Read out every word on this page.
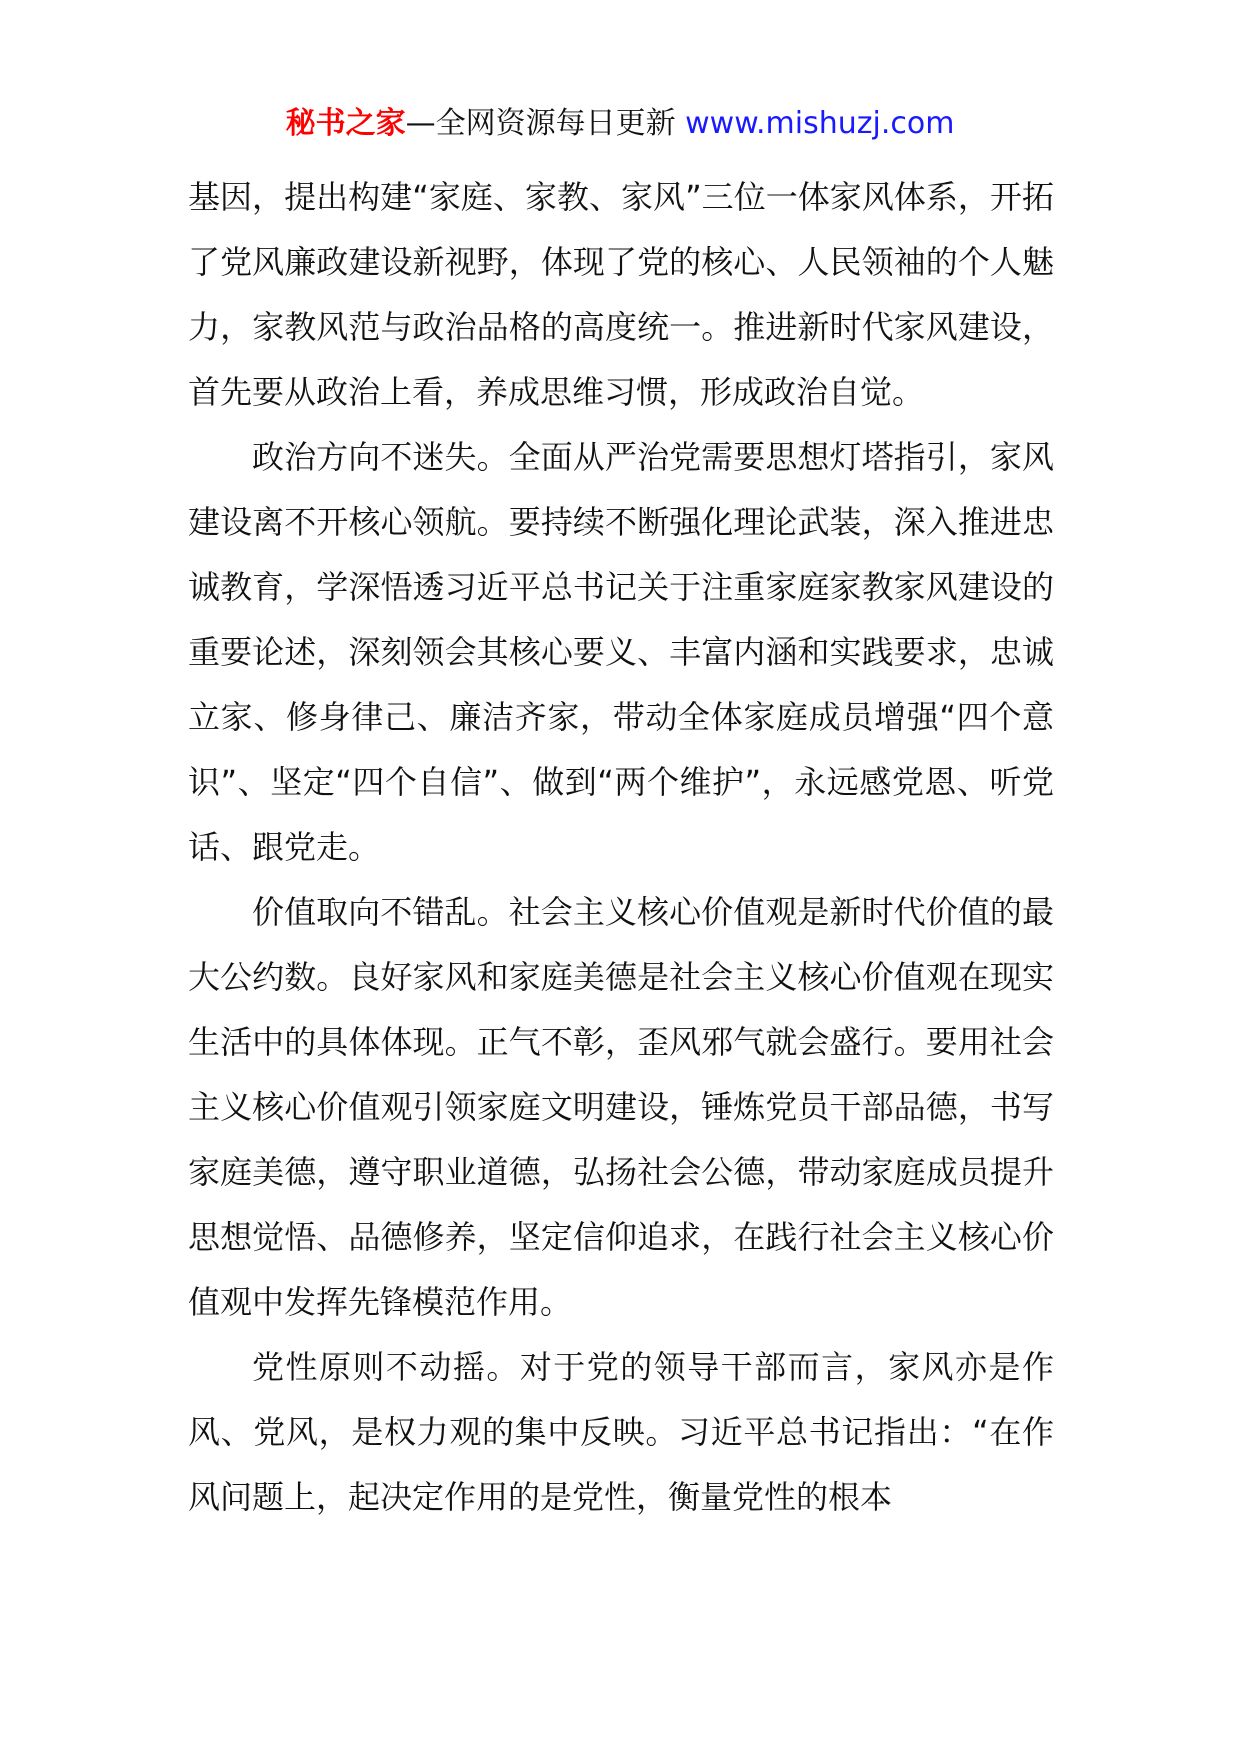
秘书之家—全网资源每日更新 www.mishuzj.com

基因，提出构建“家庭、家教、家风”三位一体家风体系，开拓了党风廉政建设新视野，体现了党的核心、人民领袖的个人魅力，家教风范与政治品格的高度统一。推进新时代家风建设，首先要从政治上看，养成思维习惯，形成政治自觉。

政治方向不迷失。全面从严治党需要思想灯塔指引，家风建设离不开核心领航。要持续不断强化理论武装，深入推进忠诚教育，学深悟透习近平总书记关于注重家庭家教家风建设的重要论述，深刻领会其核心要义、丰富内涵和实践要求，忠诚立家、修身律己、廉洁齐家，带动全体家庭成员增强“四个意识”、坚定“四个自信”、做到“两个维护”，永远感党恩、听党话、跟党走。

价值取向不错乱。社会主义核心价值观是新时代价值的最大公约数。良好家风和家庭美德是社会主义核心价值观在现实生活中的具体体现。正气不彰，歪风邪气就会盛行。要用社会主义核心价值观引领家庭文明建设，锤炼党员干部品德，书写家庭美德，遵守职业道德，弘扬社会公德，带动家庭成员提升思想觉悟、品德修养，坚定信仰追求，在践行社会主义核心价值观中发挥先锋模范作用。

党性原则不动摇。对于党的领导干部而言，家风亦是作风、党风，是权力观的集中反映。习近平总书记指出：“在作风问题上，起决定作用的是党性，衡量党性的根本
